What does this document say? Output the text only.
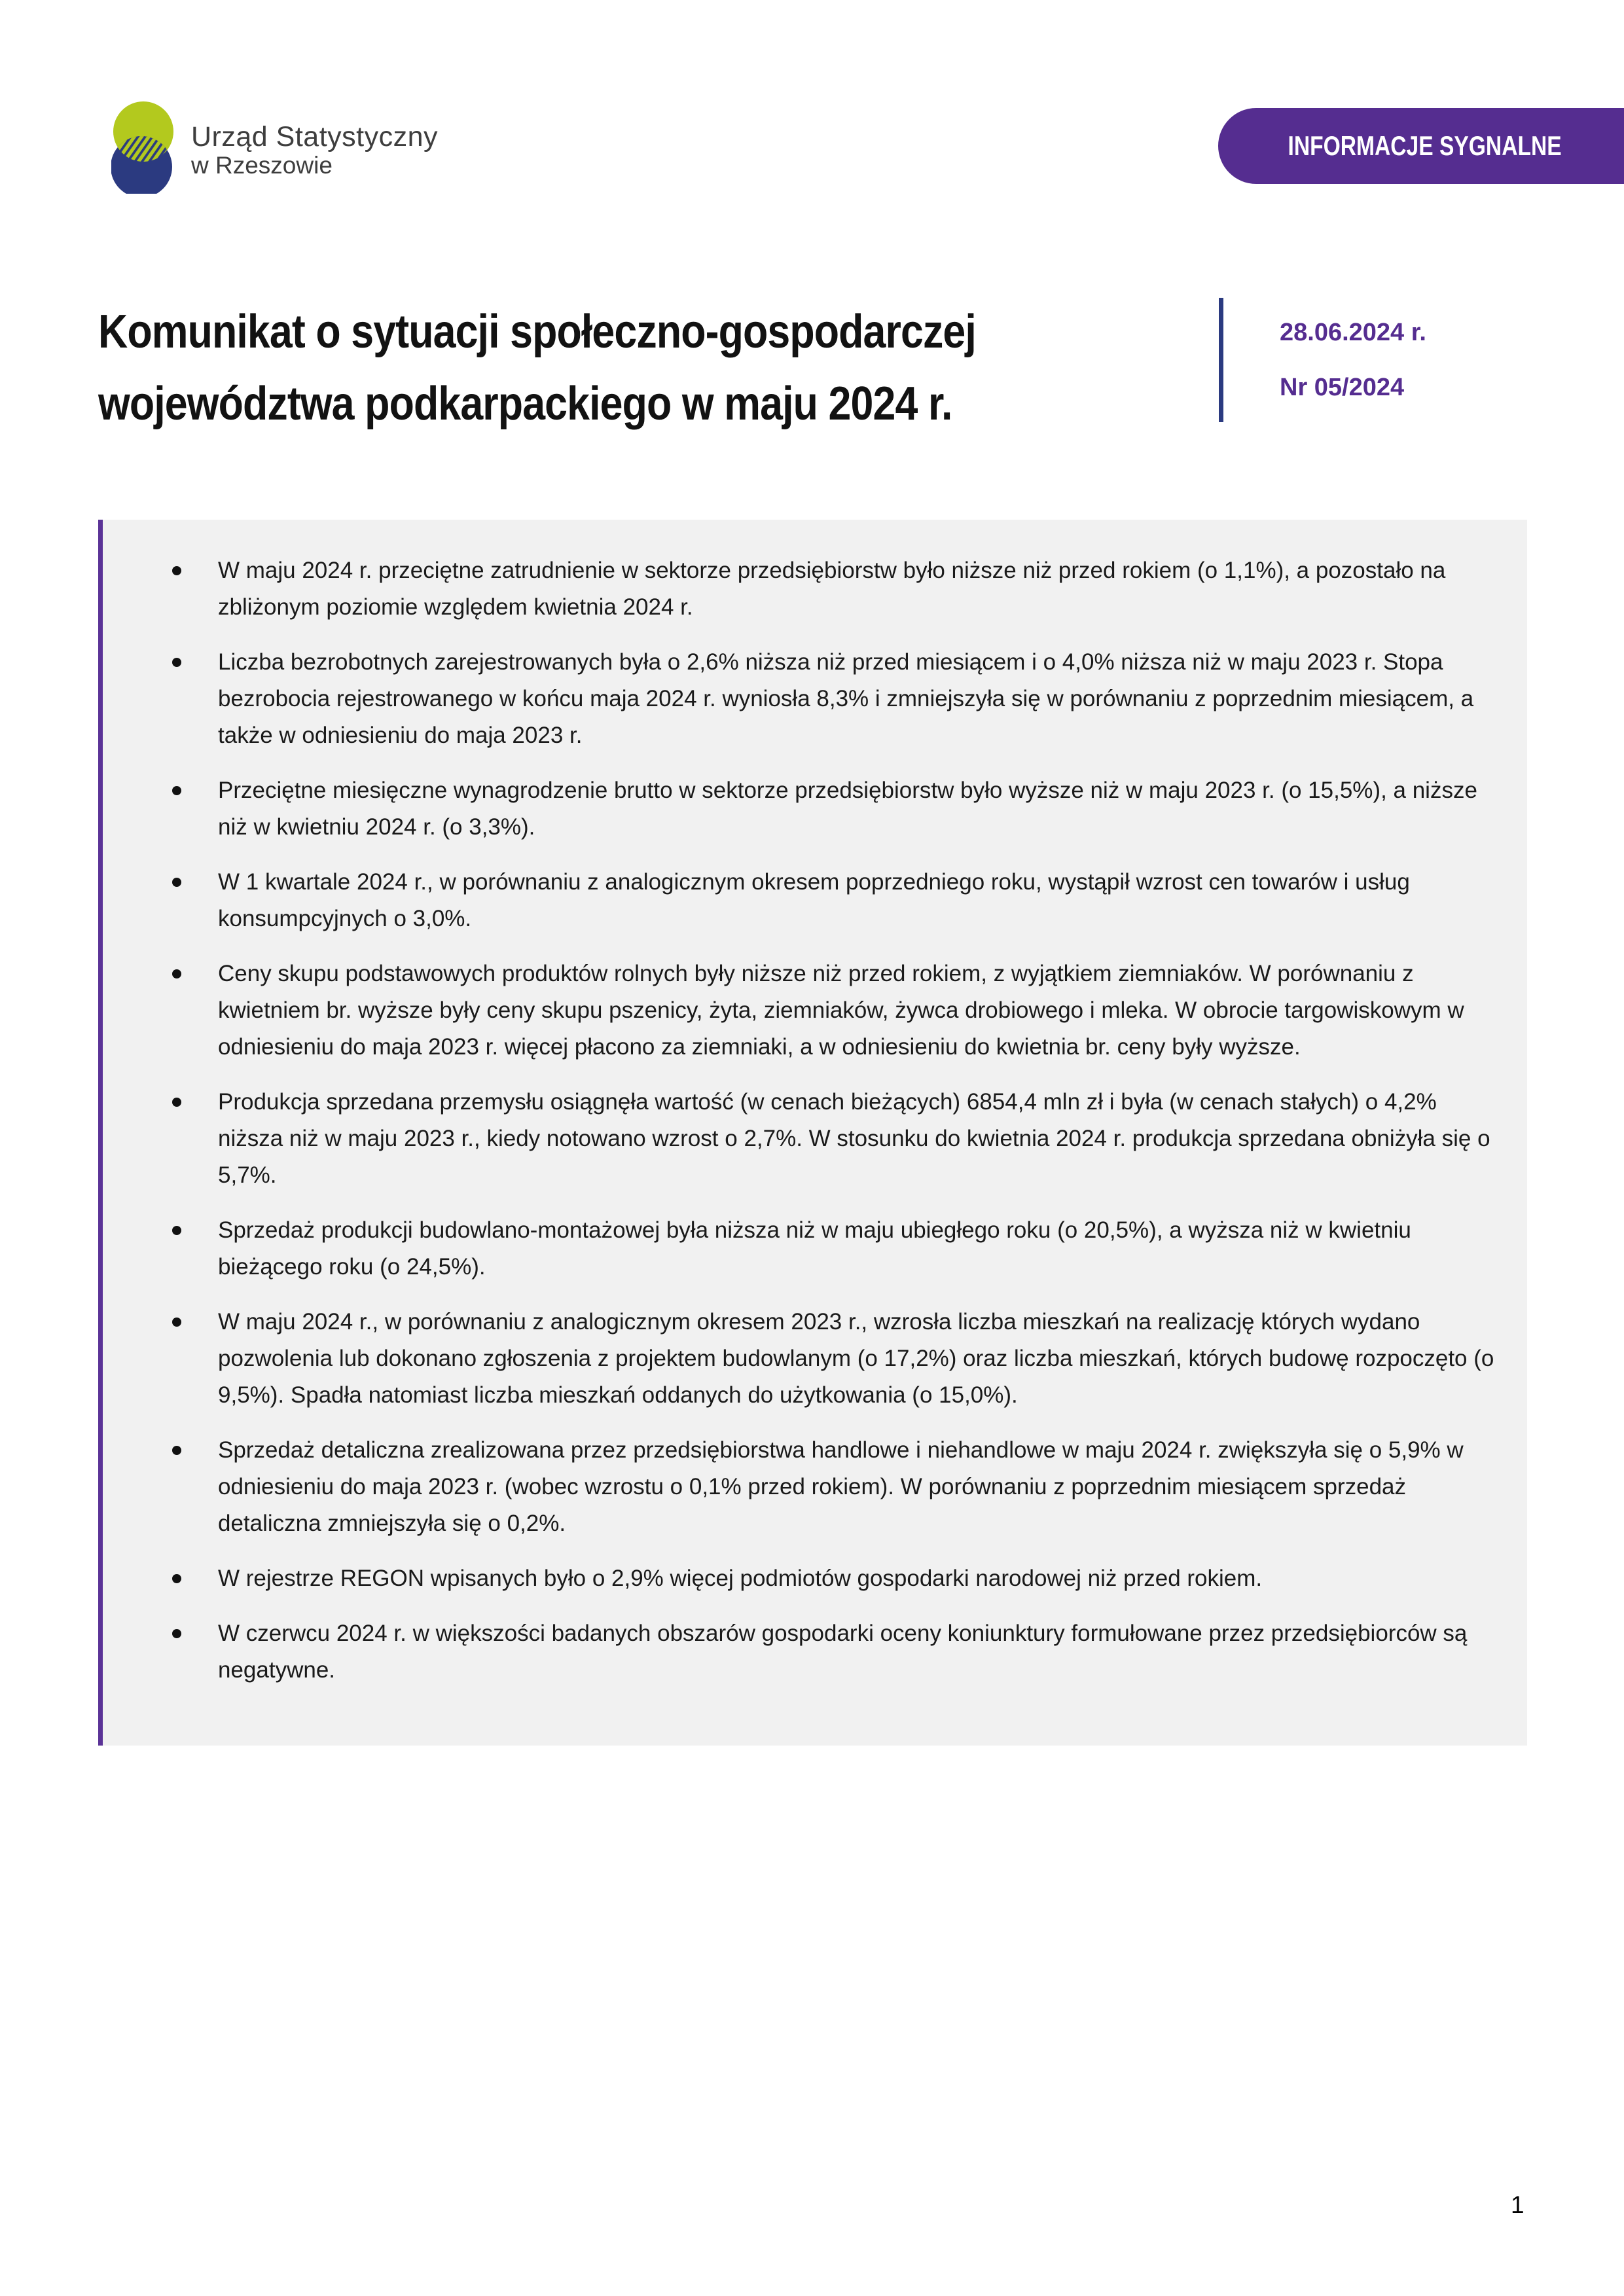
Urząd Statystyczny
w Rzeszowie
INFORMACJE SYGNALNE
Komunikat o sytuacji społeczno-gospodarczej
województwa podkarpackiego w maju 2024 r.
28.06.2024 r.
Nr 05/2024
W maju 2024 r. przeciętne zatrudnienie w sektorze przedsiębiorstw było niższe niż przed rokiem (o 1,1%), a pozostało na zbliżonym poziomie względem kwietnia 2024 r.
Liczba bezrobotnych zarejestrowanych była o 2,6% niższa niż przed miesiącem i o 4,0% niższa niż w maju 2023 r. Stopa bezrobocia rejestrowanego w końcu maja 2024 r. wyniosła 8,3% i zmniejszyła się w porównaniu z poprzednim miesiącem, a także w odniesieniu do maja 2023 r.
Przeciętne miesięczne wynagrodzenie brutto w sektorze przedsiębiorstw było wyższe niż w maju 2023 r. (o 15,5%), a niższe niż w kwietniu 2024 r. (o 3,3%).
W 1 kwartale 2024 r., w porównaniu z analogicznym okresem poprzedniego roku, wystąpił wzrost cen towarów i usług konsumpcyjnych o 3,0%.
Ceny skupu podstawowych produktów rolnych były niższe niż przed rokiem, z wyjątkiem ziemniaków. W porównaniu z kwietniem br. wyższe były ceny skupu pszenicy, żyta, ziemniaków, żywca drobiowego i mleka. W obrocie targowiskowym w odniesieniu do maja 2023 r. więcej płacono za ziemniaki, a w odniesieniu do kwietnia br. ceny były wyższe.
Produkcja sprzedana przemysłu osiągnęła wartość (w cenach bieżących) 6854,4 mln zł i była (w cenach stałych) o 4,2% niższa niż w maju 2023 r., kiedy notowano wzrost o 2,7%. W stosunku do kwietnia 2024 r. produkcja sprzedana obniżyła się o 5,7%.
Sprzedaż produkcji budowlano-montażowej była niższa niż w maju ubiegłego roku (o 20,5%), a wyższa niż w kwietniu bieżącego roku (o 24,5%).
W maju 2024 r., w porównaniu z analogicznym okresem 2023 r., wzrosła liczba mieszkań na realizację których wydano pozwolenia lub dokonano zgłoszenia z projektem budowlanym (o 17,2%) oraz liczba mieszkań, których budowę rozpoczęto (o 9,5%). Spadła natomiast liczba mieszkań oddanych do użytkowania (o 15,0%).
Sprzedaż detaliczna zrealizowana przez przedsiębiorstwa handlowe i niehandlowe w maju 2024 r. zwiększyła się o 5,9% w odniesieniu do maja 2023 r. (wobec wzrostu o 0,1% przed rokiem). W porównaniu z poprzednim miesiącem sprzedaż detaliczna zmniejszyła się o 0,2%.
W rejestrze REGON wpisanych było o 2,9% więcej podmiotów gospodarki narodowej niż przed rokiem.
W czerwcu 2024 r. w większości badanych obszarów gospodarki oceny koniunktury formułowane przez przedsiębiorców są negatywne.
1
